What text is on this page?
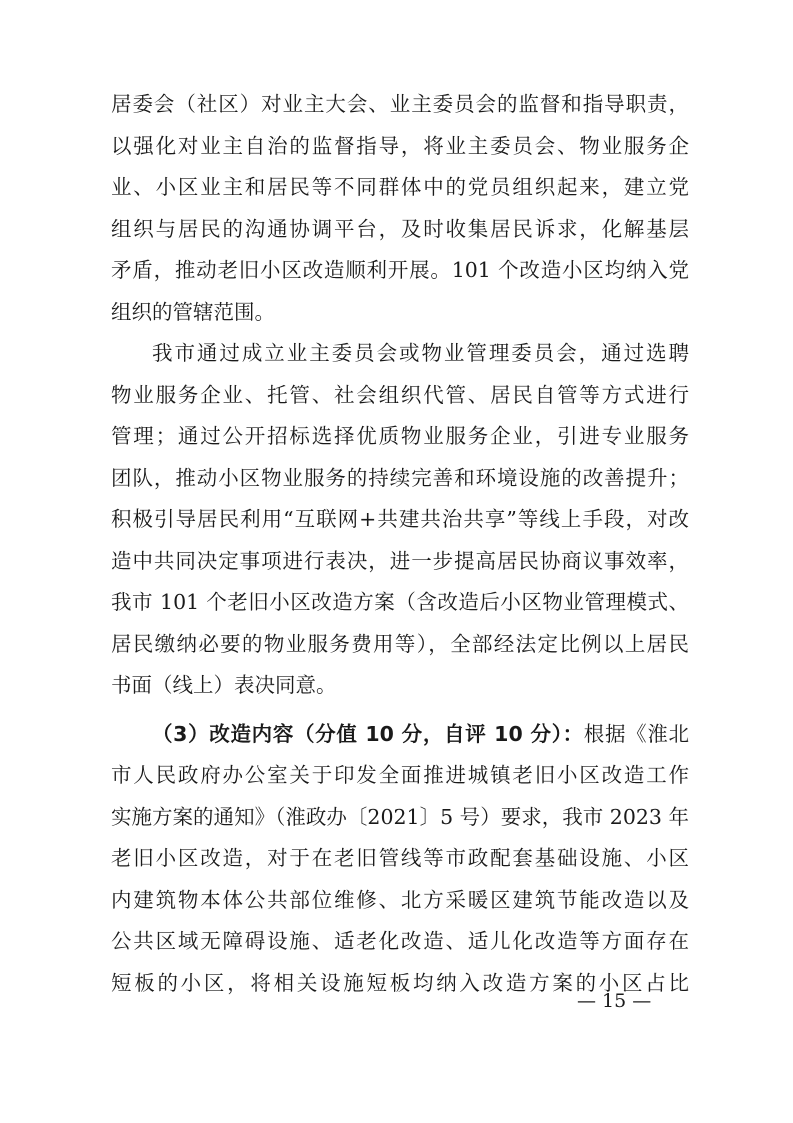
居委会（社区）对业主大会、业主委员会的监督和指导职责，
以强化对业主自治的监督指导，将业主委员会、物业服务企
业、小区业主和居民等不同群体中的党员组织起来，建立党
组织与居民的沟通协调平台，及时收集居民诉求，化解基层
矛盾，推动老旧小区改造顺利开展。101 个改造小区均纳入党
组织的管辖范围。
我市通过成立业主委员会或物业管理委员会，通过选聘
物业服务企业、托管、社会组织代管、居民自管等方式进行
管理；通过公开招标选择优质物业服务企业，引进专业服务
团队，推动小区物业服务的持续完善和环境设施的改善提升；
积极引导居民利用“互联网+共建共治共享”等线上手段，对改
造中共同决定事项进行表决，进一步提高居民协商议事效率，
我市 101 个老旧小区改造方案（含改造后小区物业管理模式、
居民缴纳必要的物业服务费用等），全部经法定比例以上居民
书面（线上）表决同意。
（3）改造内容（分值 10 分，自评 10 分）：根据《淮北
市人民政府办公室关于印发全面推进城镇老旧小区改造工作
实施方案的通知》（淮政办〔2021〕5 号）要求，我市 2023 年
老旧小区改造，对于在老旧管线等市政配套基础设施、小区
内建筑物本体公共部位维修、北方采暖区建筑节能改造以及
公共区域无障碍设施、适老化改造、适儿化改造等方面存在
短板的小区，将相关设施短板均纳入改造方案的小区占比
— 15 —
